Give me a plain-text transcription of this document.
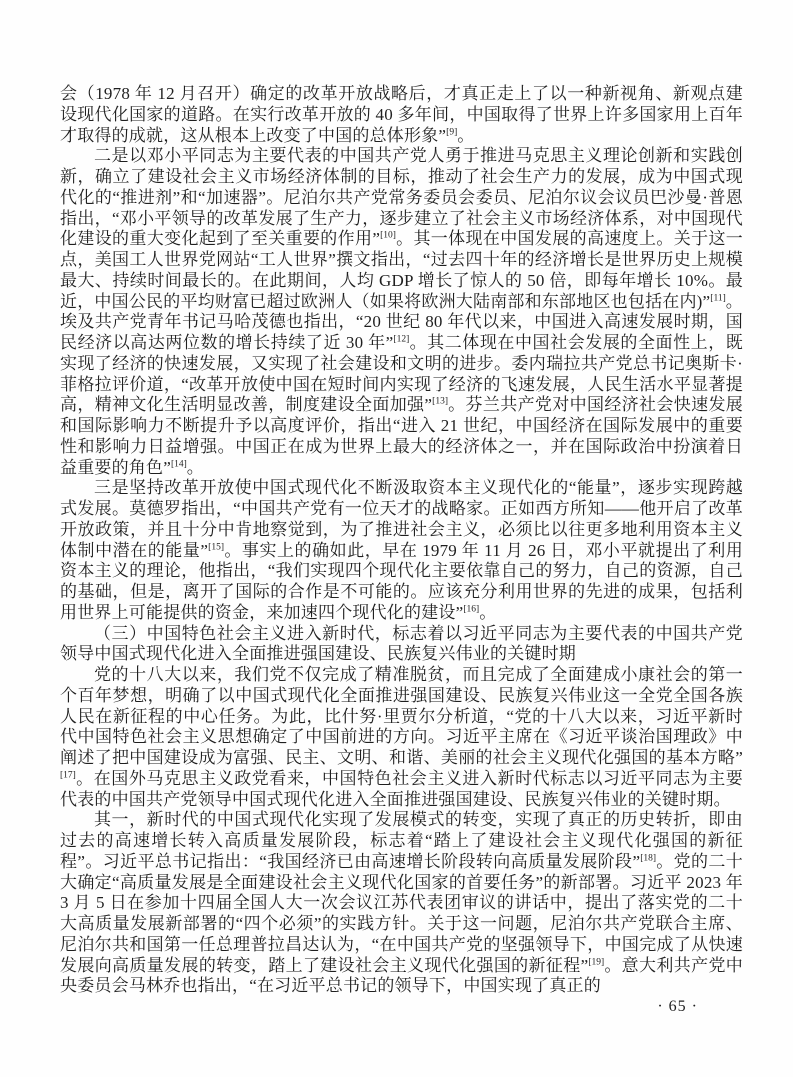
会（1978 年 12 月召开）确定的改革开放战略后，才真正走上了以一种新视角、新观点建设现代化国家的道路。在实行改革开放的 40 多年间，中国取得了世界上许多国家用上百年才取得的成就，这从根本上改变了中国的总体形象”[9]。

二是以邓小平同志为主要代表的中国共产党人勇于推进马克思主义理论创新和实践创新，确立了建设社会主义市场经济体制的目标，推动了社会生产力的发展，成为中国式现代化的“推进剂”和“加速器”。尼泊尔共产党常务委员会委员、尼泊尔议会议员巴沙曼·普恩指出，“邓小平领导的改革发展了生产力，逐步建立了社会主义市场经济体系，对中国现代化建设的重大变化起到了至关重要的作用”[10]。其一体现在中国发展的高速度上。关于这一点，美国工人世界党网站“工人世界”撰文指出，“过去四十年的经济增长是世界历史上规模最大、持续时间最长的。在此期间，人均 GDP 增长了惊人的 50 倍，即每年增长 10%。最近，中国公民的平均财富已超过欧洲人（如果将欧洲大陆南部和东部地区也包括在内)”[11]。埃及共产党青年书记马哈茂德也指出，“20 世纪 80 年代以来，中国进入高速发展时期，国民经济以高达两位数的增长持续了近 30 年”[12]。其二体现在中国社会发展的全面性上，既实现了经济的快速发展，又实现了社会建设和文明的进步。委内瑞拉共产党总书记奥斯卡·菲格拉评价道，“改革开放使中国在短时间内实现了经济的飞速发展，人民生活水平显著提高，精神文化生活明显改善，制度建设全面加强”[13]。芬兰共产党对中国经济社会快速发展和国际影响力不断提升予以高度评价，指出“进入 21 世纪，中国经济在国际发展中的重要性和影响力日益增强。中国正在成为世界上最大的经济体之一，并在国际政治中扮演着日益重要的角色”[14]。

三是坚持改革开放使中国式现代化不断汲取资本主义现代化的“能量”，逐步实现跨越式发展。莫德罗指出，“中国共产党有一位天才的战略家。正如西方所知——他开启了改革开放政策，并且十分中肯地察觉到，为了推进社会主义，必须比以往更多地利用资本主义体制中潜在的能量”[15]。事实上的确如此，早在 1979 年 11 月 26 日，邓小平就提出了利用资本主义的理论，他指出，“我们实现四个现代化主要依靠自己的努力，自己的资源，自己的基础，但是，离开了国际的合作是不可能的。应该充分利用世界的先进的成果，包括利用世界上可能提供的资金，来加速四个现代化的建设”[16]。

（三）中国特色社会主义进入新时代，标志着以习近平同志为主要代表的中国共产党领导中国式现代化进入全面推进强国建设、民族复兴伟业的关键时期

党的十八大以来，我们党不仅完成了精准脱贫，而且完成了全面建成小康社会的第一个百年梦想，明确了以中国式现代化全面推进强国建设、民族复兴伟业这一全党全国各族人民在新征程的中心任务。为此，比什努·里贾尔分析道，“党的十八大以来，习近平新时代中国特色社会主义思想确定了中国前进的方向。习近平主席在《习近平谈治国理政》中阐述了把中国建设成为富强、民主、文明、和谐、美丽的社会主义现代化强国的基本方略”[17]。在国外马克思主义政党看来，中国特色社会主义进入新时代标志以习近平同志为主要代表的中国共产党领导中国式现代化进入全面推进强国建设、民族复兴伟业的关键时期。

其一，新时代的中国式现代化实现了发展模式的转变，实现了真正的历史转折，即由过去的高速增长转入高质量发展阶段，标志着“踏上了建设社会主义现代化强国的新征程”。习近平总书记指出：“我国经济已由高速增长阶段转向高质量发展阶段”[18]。党的二十大确定“高质量发展是全面建设社会主义现代化国家的首要任务”的新部署。习近平 2023 年 3 月 5 日在参加十四届全国人大一次会议江苏代表团审议的讲话中，提出了落实党的二十大高质量发展新部署的“四个必须”的实践方针。关于这一问题，尼泊尔共产党联合主席、尼泊尔共和国第一任总理普拉昌达认为，“在中国共产党的坚强领导下，中国完成了从快速发展向高质量发展的转变，踏上了建设社会主义现代化强国的新征程”[19]。意大利共产党中央委员会马林乔也指出，“在习近平总书记的领导下，中国实现了真正的

· 65 ·
